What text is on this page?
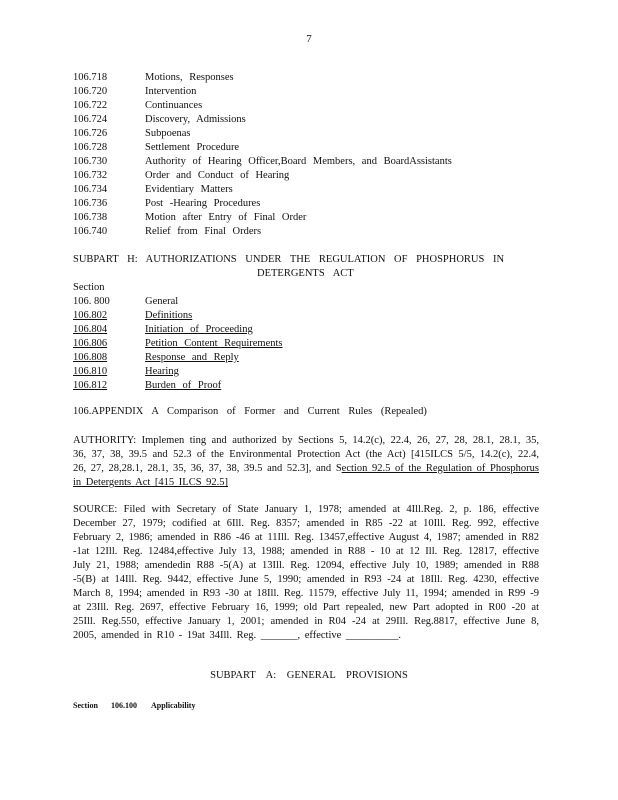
7
106.718	Motions, Responses
106.720	Intervention
106.722	Continuances
106.724	Discovery, Admissions
106.726	Subpoenas
106.728	Settlement Procedure
106.730	Authority of Hearing Officer,Board Members, and BoardAssistants
106.732	Order and Conduct of Hearing
106.734	Evidentiary Matters
106.736	Post -Hearing Procedures
106.738	Motion after Entry of Final Order
106.740	Relief from Final Orders
SUBPART H: AUTHORIZATIONS UNDER THE REGULATION OF PHOSPHORUS IN
DETERGENTS ACT
Section
106. 800	General
106.802	Definitions
106.804	Initiation of Proceeding
106.806	Petition Content Requirements
106.808	Response and Reply
106.810	Hearing
106.812	Burden of Proof
106.APPENDIX A Comparison of Former and Current Rules (Repealed)
AUTHORITY: Implemen ting and authorized by Sections 5, 14.2(c), 22.4, 26, 27, 28, 28.1, 28.1, 35, 36, 37, 38, 39.5 and 52.3 of the Environmental Protection Act (the Act) [415ILCS 5/5, 14.2(c), 22.4, 26, 27, 28,28.1, 28.1, 35, 36, 37, 38, 39.5 and 52.3], and Section 92.5 of the Regulation of Phosphorus in Detergents Act [415 ILCS 92.5]
SOURCE: Filed with Secretary of State January 1, 1978; amended at 4Ill.Reg. 2, p. 186, effective December 27, 1979; codified at 6Ill. Reg. 8357; amended in R85 -22 at 10Ill. Reg. 992, effective February 2, 1986; amended in R86 -46 at 11Ill. Reg. 13457,effective August 4, 1987; amended in R82 -1at 12Ill. Reg. 12484,effective July 13, 1988; amended in R88 - 10 at 12 Ill. Reg. 12817, effective July 21, 1988; amendedin R88 -5(A) at 13Ill. Reg. 12094, effective July 10, 1989; amended in R88 -5(B) at 14Ill. Reg. 9442, effective June 5, 1990; amended in R93 -24 at 18Ill. Reg. 4230, effective March 8, 1994; amended in R93 -30 at 18Ill. Reg. 11579, effective July 11, 1994; amended in R99 -9 at 23Ill. Reg. 2697, effective February 16, 1999; old Part repealed, new Part adopted in R00 -20 at 25Ill. Reg.550, effective January 1, 2001; amended in R04 -24 at 29Ill. Reg.8817, effective June 8, 2005, amended in R10 - 19at 34Ill. Reg. _______, effective __________.
SUBPART A: GENERAL PROVISIONS
Section 106.100 Applicability
